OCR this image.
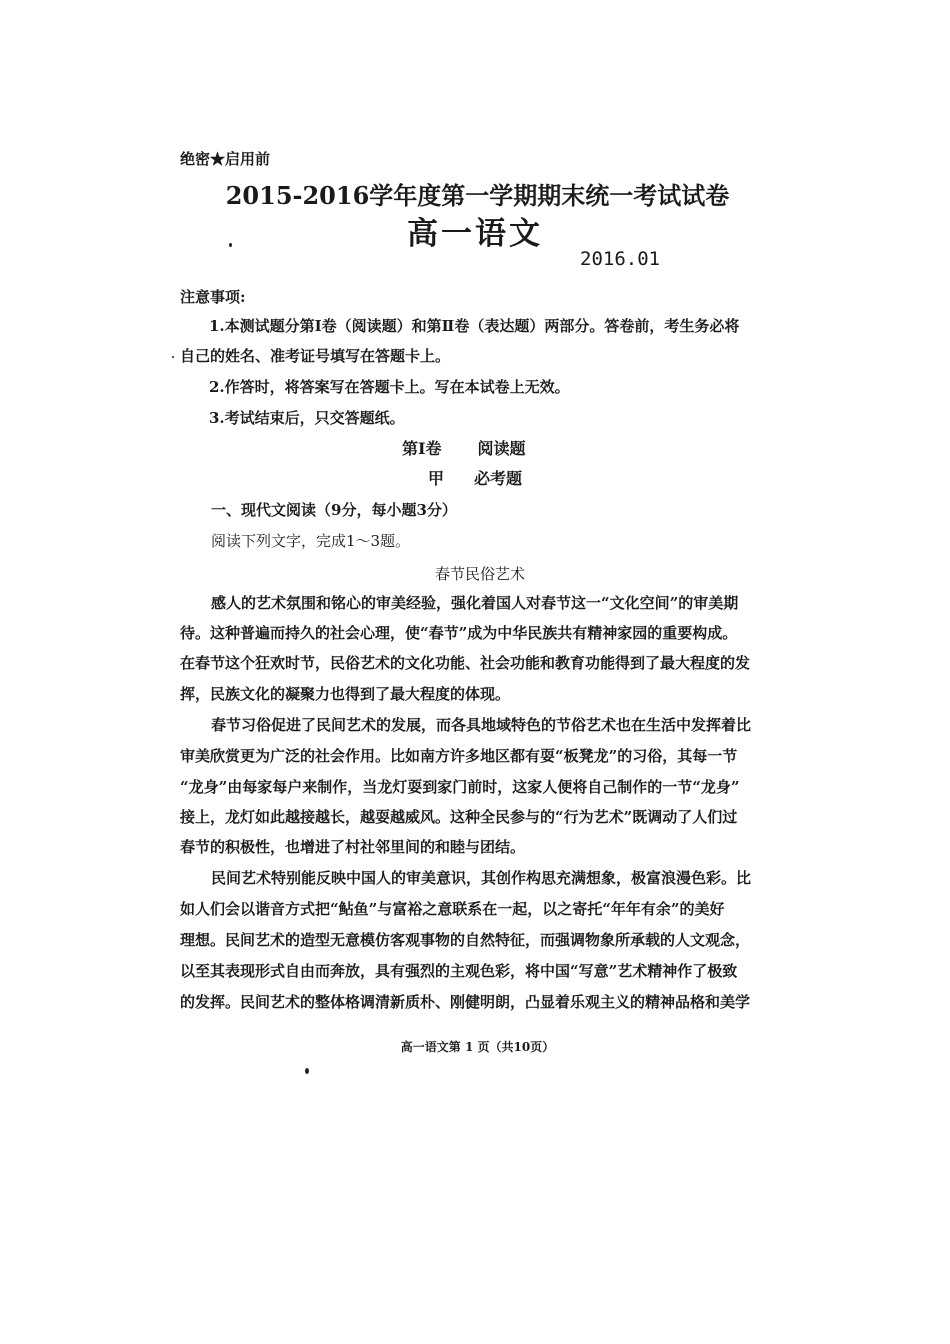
绝密★启用前
2015-2016学年度第一学期期末统一考试试卷
高一语文
2016.01
注意事项:
1.本测试题分第Ⅰ卷（阅读题）和第Ⅱ卷（表达题）两部分。答卷前，考生务必将
自己的姓名、准考证号填写在答题卡上。
2.作答时，将答案写在答题卡上。写在本试卷上无效。
3.考试结束后，只交答题纸。
第Ⅰ卷 阅读题
甲 必考题
一、现代文阅读（9分，每小题3分）
阅读下列文字，完成1～3题。
春节民俗艺术
感人的艺术氛围和铭心的审美经验，强化着国人对春节这一“文化空间”的审美期
待。这种普遍而持久的社会心理，使“春节”成为中华民族共有精神家园的重要构成。
在春节这个狂欢时节，民俗艺术的文化功能、社会功能和教育功能得到了最大程度的发
挥，民族文化的凝聚力也得到了最大程度的体现。
春节习俗促进了民间艺术的发展，而各具地域特色的节俗艺术也在生活中发挥着比
审美欣赏更为广泛的社会作用。比如南方许多地区都有耍“板凳龙”的习俗，其每一节
“龙身”由每家每户来制作，当龙灯耍到家门前时，这家人便将自己制作的一节“龙身”
接上，龙灯如此越接越长，越耍越威风。这种全民参与的“行为艺术”既调动了人们过
春节的积极性，也增进了村社邻里间的和睦与团结。
民间艺术特别能反映中国人的审美意识，其创作构思充满想象，极富浪漫色彩。比
如人们会以谐音方式把“鲇鱼”与富裕之意联系在一起，以之寄托“年年有余”的美好
理想。民间艺术的造型无意模仿客观事物的自然特征，而强调物象所承载的人文观念，
以至其表现形式自由而奔放，具有强烈的主观色彩，将中国“写意”艺术精神作了极致
的发挥。民间艺术的整体格调清新质朴、刚健明朗，凸显着乐观主义的精神品格和美学
高一语文第 1 页（共10页）
